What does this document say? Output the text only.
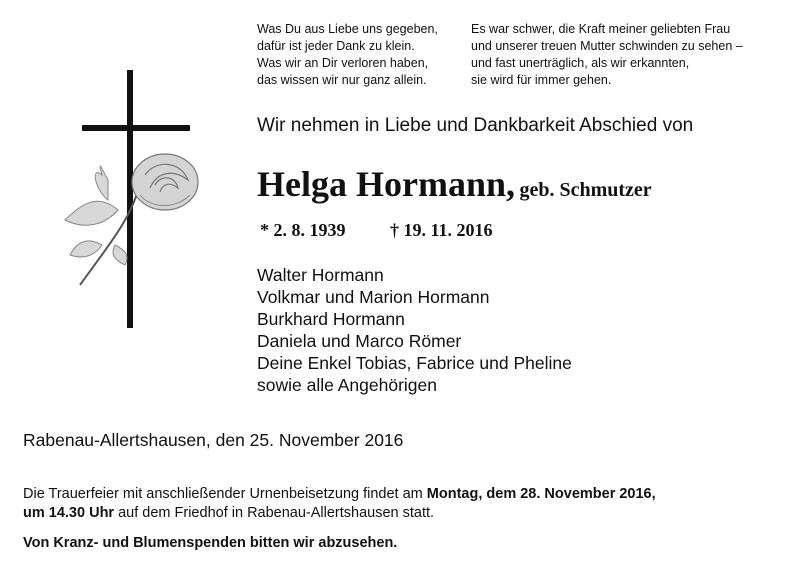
Was Du aus Liebe uns gegeben,
dafür ist jeder Dank zu klein.
Was wir an Dir verloren haben,
das wissen wir nur ganz allein.
Es war schwer, die Kraft meiner geliebten Frau
und unserer treuen Mutter schwinden zu sehen –
und fast unerträglich, als wir erkannten,
sie wird für immer gehen.
Wir nehmen in Liebe und Dankbarkeit Abschied von
Helga Hormann, geb. Schmutzer
* 2. 8. 1939 † 19. 11. 2016
Walter Hormann
Volkmar und Marion Hormann
Burkhard Hormann
Daniela und Marco Römer
Deine Enkel Tobias, Fabrice und Pheline
sowie alle Angehörigen
Rabenau-Allertshausen, den 25. November 2016
Die Trauerfeier mit anschließender Urnenbeisetzung findet am Montag, dem 28. November 2016,
um 14.30 Uhr auf dem Friedhof in Rabenau-Allertshausen statt.
Von Kranz- und Blumenspenden bitten wir abzusehen.
